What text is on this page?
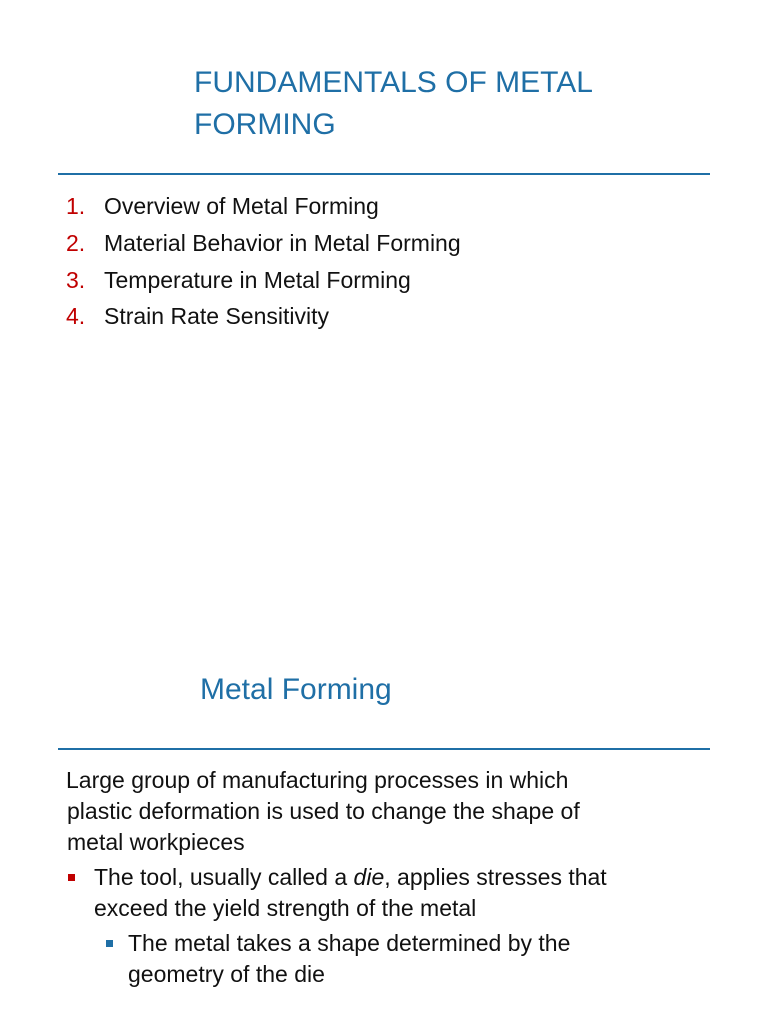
FUNDAMENTALS OF METAL
FORMING
1. Overview of Metal Forming
2. Material Behavior in Metal Forming
3. Temperature in Metal Forming
4. Strain Rate Sensitivity
Metal Forming

Large group of manufacturing processes in which
plastic deformation is used to change the shape of
metal workpieces

The tool, usually called a die, applies stresses that
exceed the yield strength of the metal
The metal takes a shape determined by the
geometry of the die
